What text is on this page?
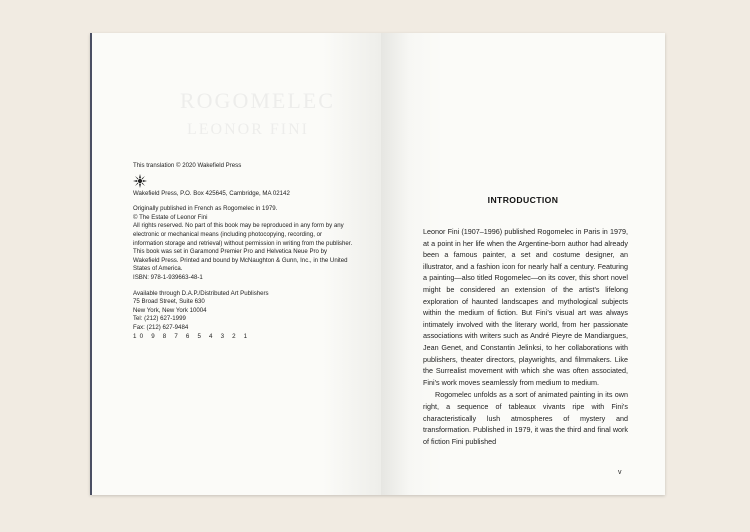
ROGOMELEC
LEONOR FINI

This translation © 2020 Wakefield Press

Wakefield Press, P.O. Box 425645, Cambridge, MA 02142

Originally published in French as Rogomelec in 1979.

© The Estate of Leonor Fini

All rights reserved. No part of this book may be reproduced in any form by any electronic or mechanical means (including photocopying, recording, or information storage and retrieval) without permission in writing from the publisher.

This book was set in Garamond Premier Pro and Helvetica Neue Pro by Wakefield Press. Printed and bound by McNaughton & Gunn, Inc., in the United States of America.

ISBN: 978-1-939663-48-1

Available through D.A.P./Distributed Art Publishers

75 Broad Street, Suite 630

New York, New York 10004

Tel: (212) 627-1999

Fax: (212) 627-9484

10 9 8 7 6 5 4 3 2 1

INTRODUCTION

Leonor Fini (1907–1996) published Rogomelec in Paris in 1979, at a point in her life when the Argentine-born author had already been a famous painter, a set and costume designer, an illustrator, and a fashion icon for nearly half a century. Featuring a painting—also titled Rogomelec—on its cover, this short novel might be considered an extension of the artist’s lifelong exploration of haunted landscapes and mythological subjects within the medium of fiction. But Fini’s visual art was always intimately involved with the literary world, from her passionate associations with writers such as André Pieyre de Mandiargues, Jean Genet, and Constantin Jelinksi, to her collaborations with publishers, theater directors, playwrights, and filmmakers. Like the Surrealist movement with which she was often associated, Fini’s work moves seamlessly from medium to medium.

Rogomelec unfolds as a sort of animated painting in its own right, a sequence of tableaux vivants ripe with Fini’s characteristically lush atmospheres of mystery and transformation. Published in 1979, it was the third and final work of fiction Fini published

v
